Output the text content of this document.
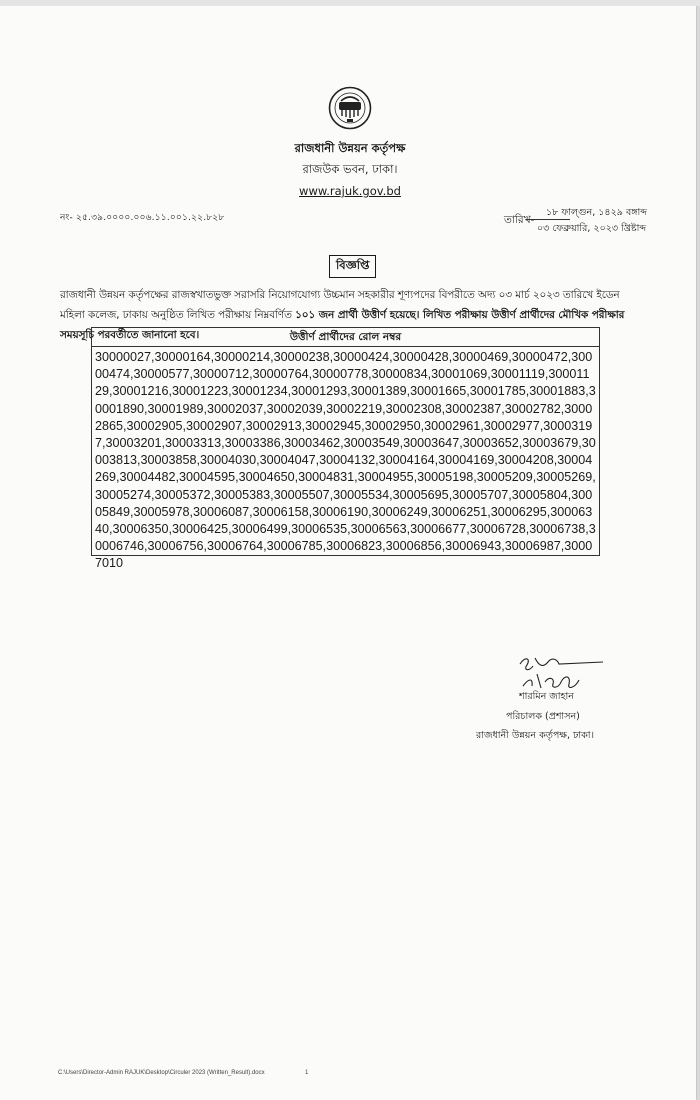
রাজধানী উন্নয়ন কর্তৃপক্ষ
রাজউক ভবন, ঢাকা।
www.rajuk.gov.bd
নং- ২৫.৩৯.০০০০.০০৬.১১.০০১.২২.৮২৮	তারিখ-
১৮ ফাল্গুন, ১৪২৯ বঙ্গাব্দ
০৩ ফেব্রুয়ারি, ২০২৩ খ্রিষ্টাব্দ
বিজ্ঞপ্তি
রাজধানী উন্নয়ন কর্তৃপক্ষের রাজস্বখাতভুক্ত সরাসরি নিয়োগযোগ্য উচ্চমান সহকারীর শূণ্যপদের বিপরীতে অদ্য ০৩ মার্চ ২০২৩ তারিখে ইডেন মহিলা কলেজ, ঢাকায় অনুষ্ঠিত লিখিত পরীক্ষায় নিম্নবর্ণিত ১০১ জন প্রার্থী উত্তীর্ণ হয়েছে। লিখিত পরীক্ষায় উত্তীর্ণ প্রার্থীদের মৌখিক পরীক্ষার সময়সূচি পরবর্তীতে জানানো হবে।	উত্তীর্ণ প্রার্থীদের রোল নম্বর
30000027,30000164,30000214,30000238,30000424,30000428,30000469,30000472,30000474,30000577,30000712,30000764,30000778,30000834,30001069,30001119,30001129,30001216,30001223,30001234,30001293,30001389,30001665,30001785,30001883,30001890,30001989,30002037,30002039,30002219,30002308,30002387,30002782,30002865,30002905,30002907,30002913,30002945,30002950,30002961,30002977,30003197,30003201,30003313,30003386,30003462,30003549,30003647,30003652,30003679,30003813,30003858,30004030,30004047,30004132,30004164,30004169,30004208,30004269,30004482,30004595,30004650,30004831,30004955,30005198,30005209,30005269,30005274,30005372,30005383,30005507,30005534,30005695,30005707,30005804,30005849,30005978,30006087,30006158,30006190,30006249,30006251,30006295,30006340,30006350,30006425,30006499,30006535,30006563,30006677,30006728,30006738,30006746,30006756,30006764,30006785,30006823,30006856,30006943,30006987,30007010
শারমিন জাহান
পরিচালক (প্রশাসন)
রাজধানী উন্নয়ন কর্তৃপক্ষ, ঢাকা।
C:\Users\Director-Admin RAJUK\Desktop\Circuler 2023 (Written_Result).docx	1
